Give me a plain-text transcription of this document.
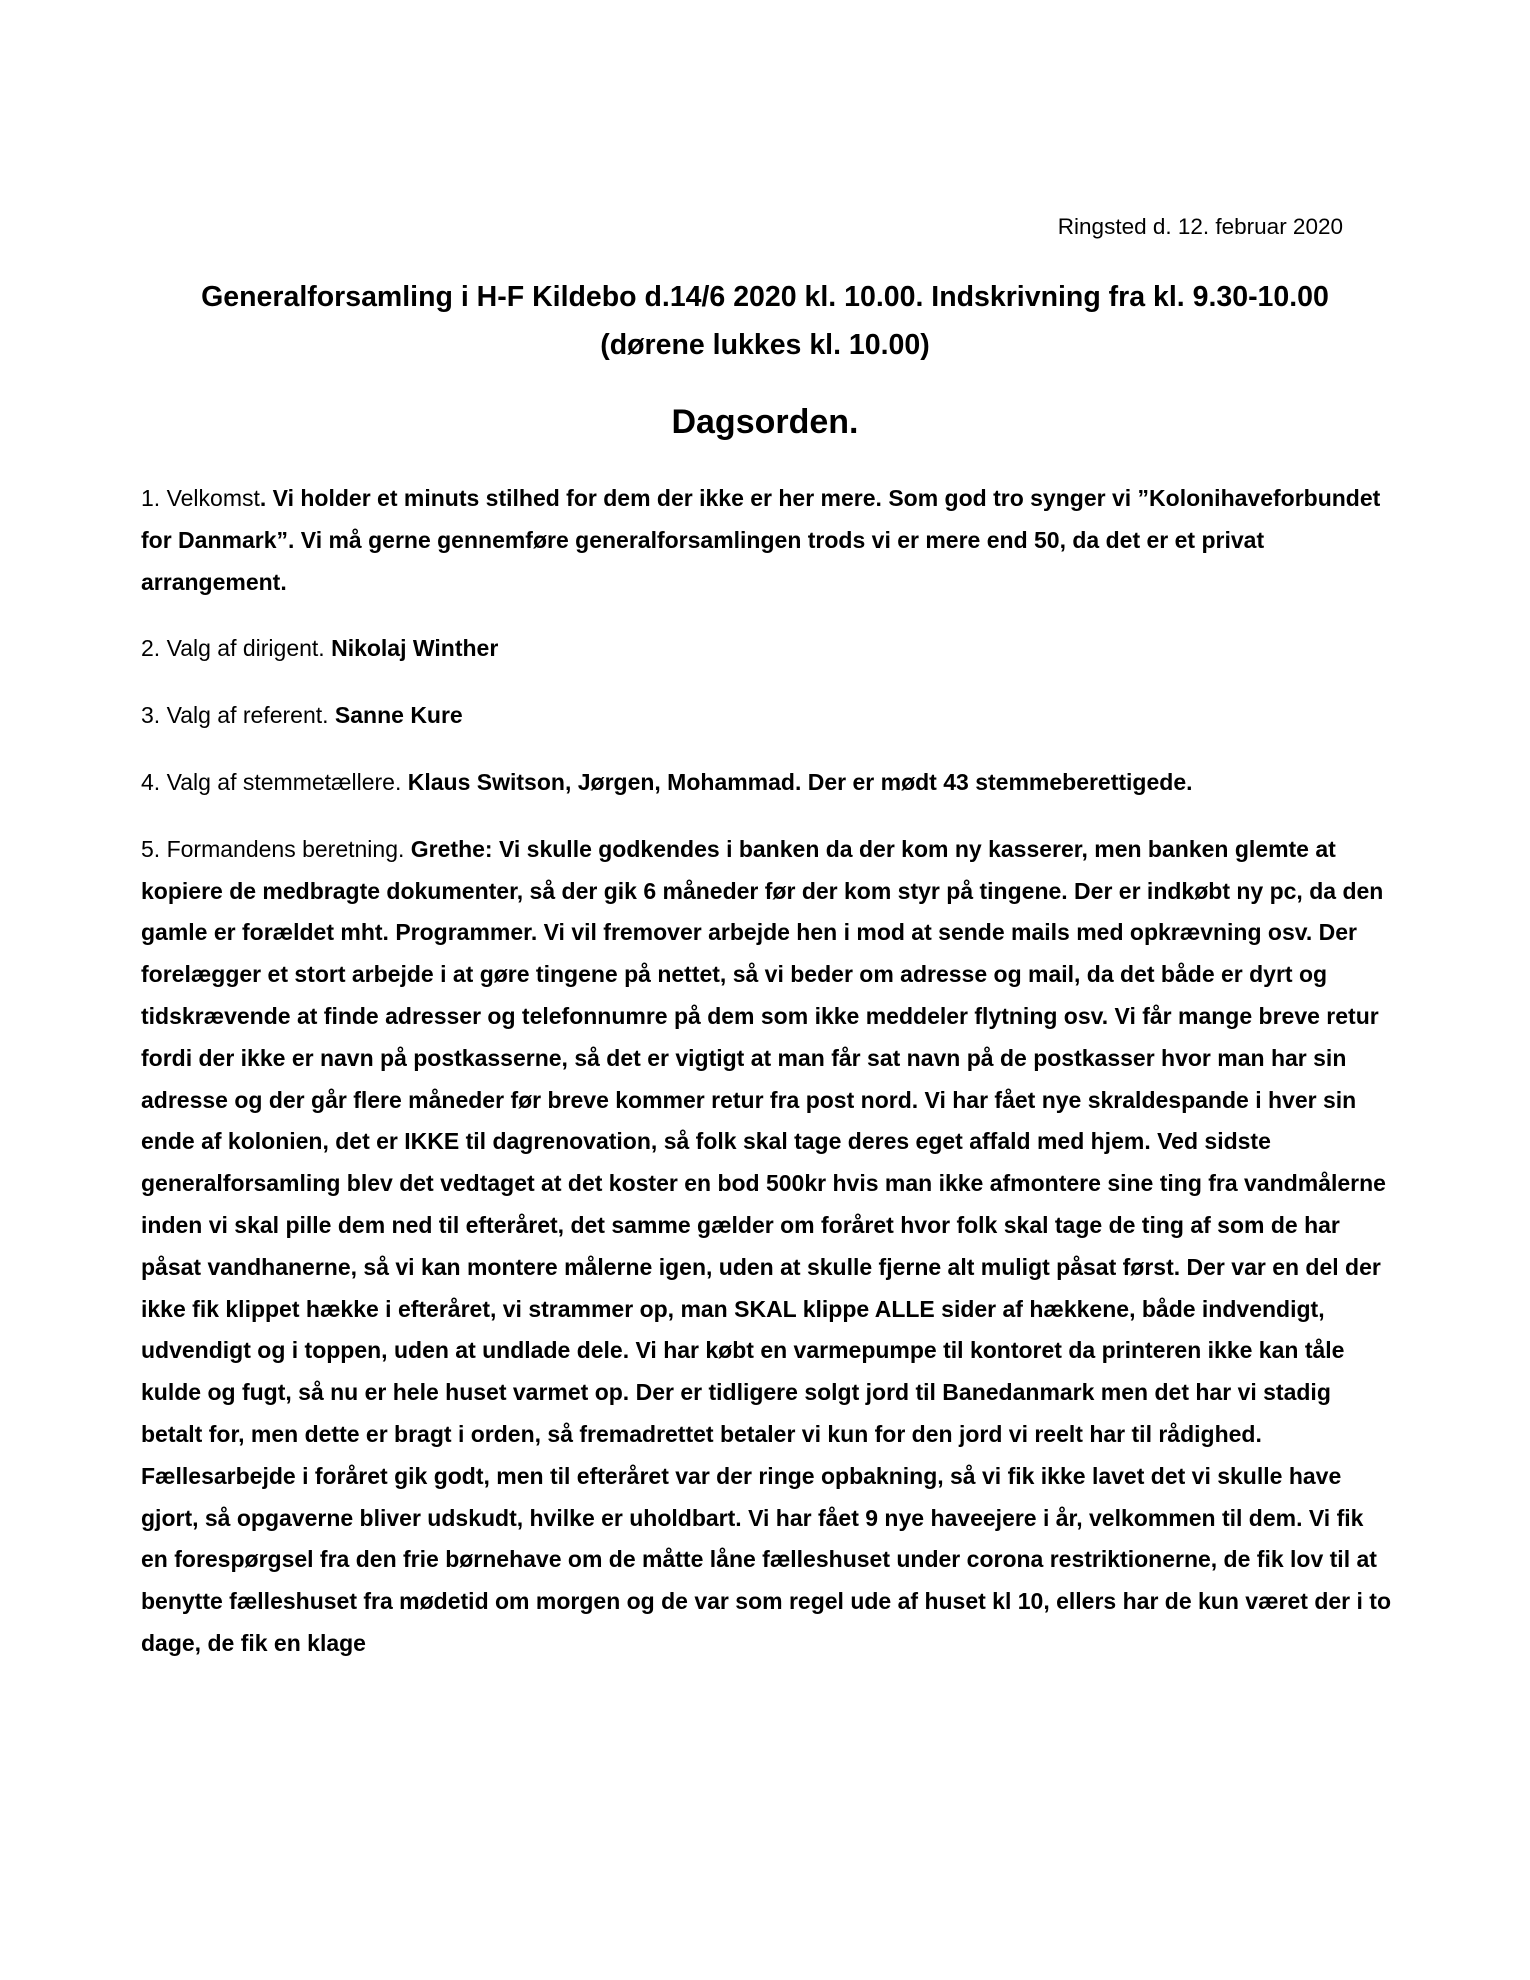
Ringsted d. 12. februar 2020
Generalforsamling i H-F Kildebo d.14/6 2020 kl. 10.00. Indskrivning fra kl. 9.30-10.00
(dørene lukkes kl. 10.00)
Dagsorden.

1. Velkomst. Vi holder et minuts stilhed for dem der ikke er her mere. Som god tro synger vi ”Kolonihaveforbundet for Danmark”. Vi må gerne gennemføre generalforsamlingen trods vi er mere end 50, da det er et privat arrangement.

2. Valg af dirigent. Nikolaj Winther

3. Valg af referent. Sanne Kure

4. Valg af stemmetællere. Klaus Switson, Jørgen, Mohammad. Der er mødt 43 stemmeberettigede.

5. Formandens beretning. Grethe: Vi skulle godkendes i banken da der kom ny kasserer, men banken glemte at kopiere de medbragte dokumenter, så der gik 6 måneder før der kom styr på tingene. Der er indkøbt ny pc, da den gamle er forældet mht. Programmer. Vi vil fremover arbejde hen i mod at sende mails med opkrævning osv. Der forelægger et stort arbejde i at gøre tingene på nettet, så vi beder om adresse og mail, da det både er dyrt og tidskrævende at finde adresser og telefonnumre på dem som ikke meddeler flytning osv. Vi får mange breve retur fordi der ikke er navn på postkasserne, så det er vigtigt at man får sat navn på de postkasser hvor man har sin adresse og der går flere måneder før breve kommer retur fra post nord. Vi har fået nye skraldespande i hver sin ende af kolonien, det er IKKE til dagrenovation, så folk skal tage deres eget affald med hjem. Ved sidste generalforsamling blev det vedtaget at det koster en bod 500kr hvis man ikke afmontere sine ting fra vandmålerne inden vi skal pille dem ned til efteråret, det samme gælder om foråret hvor folk skal tage de ting af som de har påsat vandhanerne, så vi kan montere målerne igen, uden at skulle fjerne alt muligt påsat først. Der var en del der ikke fik klippet hække i efteråret, vi strammer op, man SKAL klippe ALLE sider af hækkene, både indvendigt, udvendigt og i toppen, uden at undlade dele. Vi har købt en varmepumpe til kontoret da printeren ikke kan tåle kulde og fugt, så nu er hele huset varmet op. Der er tidligere solgt jord til Banedanmark men det har vi stadig betalt for, men dette er bragt i orden, så fremadrettet betaler vi kun for den jord vi reelt har til rådighed. Fællesarbejde i foråret gik godt, men til efteråret var der ringe opbakning, så vi fik ikke lavet det vi skulle have gjort, så opgaverne bliver udskudt, hvilke er uholdbart. Vi har fået 9 nye haveejere i år, velkommen til dem. Vi fik en forespørgsel fra den frie børnehave om de måtte låne fælleshuset under corona restriktionerne, de fik lov til at benytte fælleshuset fra mødetid om morgen og de var som regel ude af huset kl 10, ellers har de kun været der i to dage, de fik en klage
